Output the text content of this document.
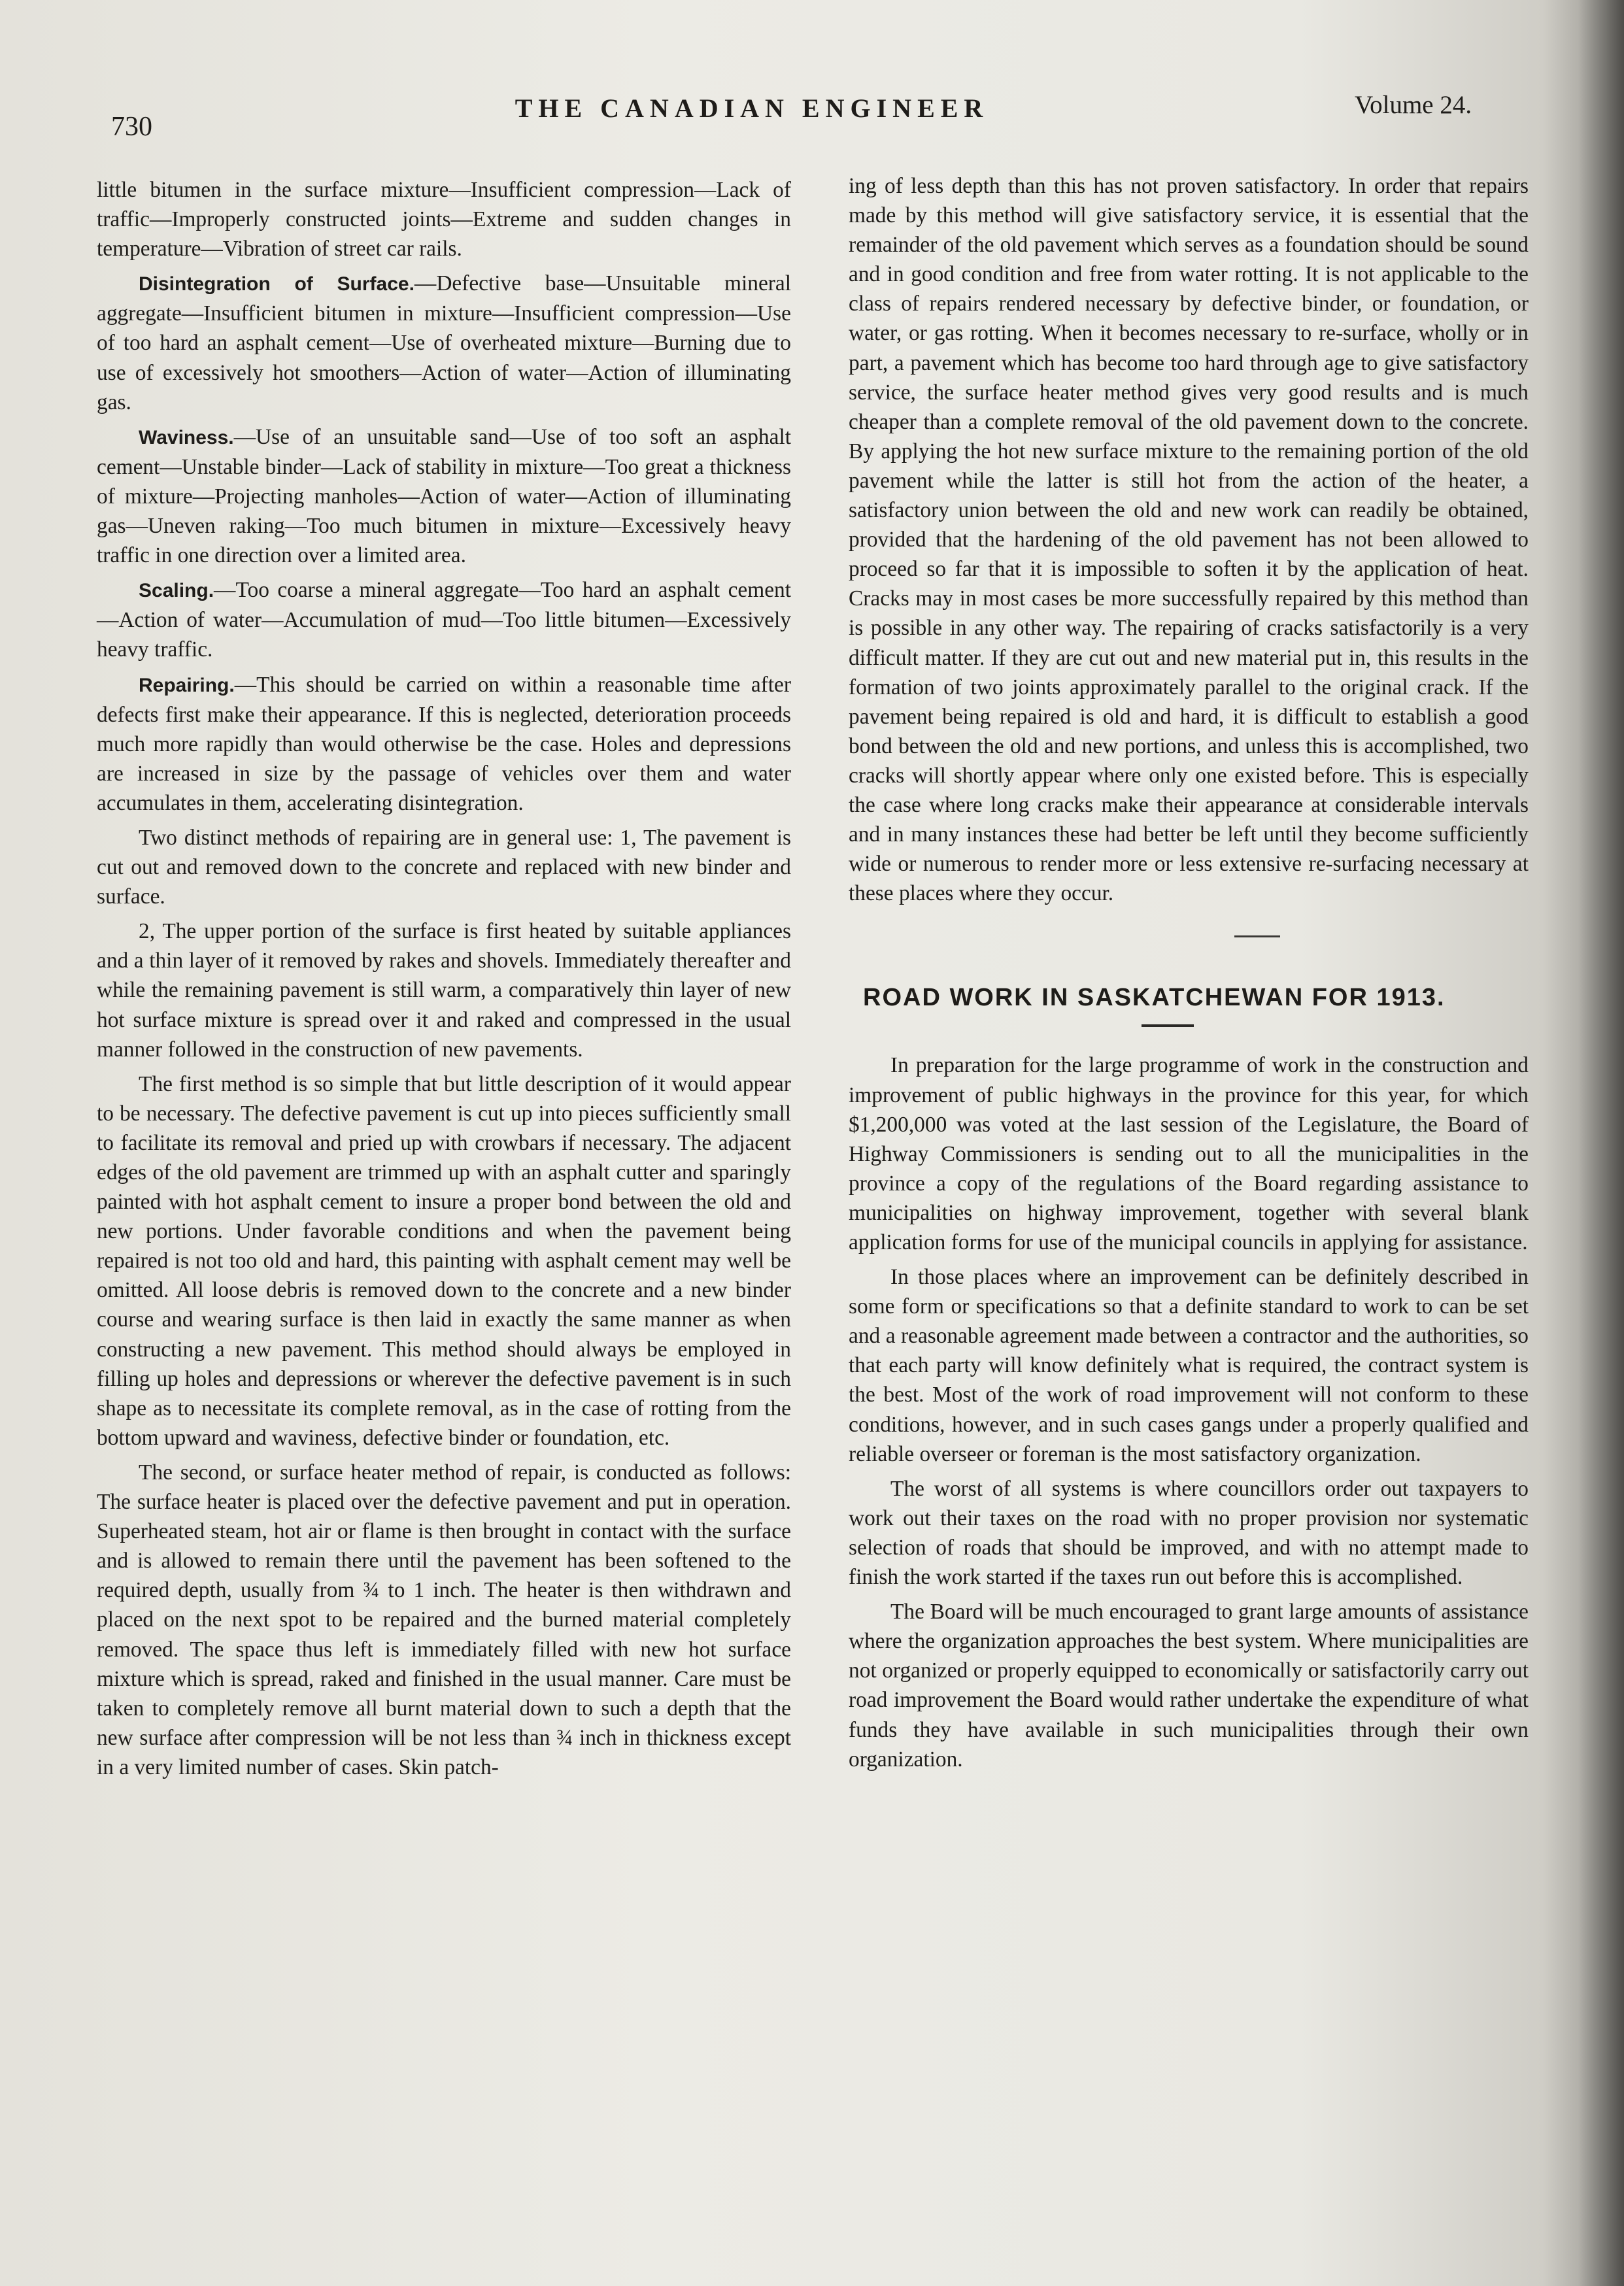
730
THE CANADIAN ENGINEER	Volume 24.

little bitumen in the surface mixture—Insufficient compression—Lack of traffic—Improperly constructed joints—Extreme and sudden changes in temperature—Vibration of street car rails.

Disintegration of Surface.—Defective base—Unsuitable mineral aggregate—Insufficient bitumen in mixture—Insufficient compression—Use of too hard an asphalt cement—Use of overheated mixture—Burning due to use of excessively hot smoothers—Action of water—Action of illuminating gas.

Waviness.—Use of an unsuitable sand—Use of too soft an asphalt cement—Unstable binder—Lack of stability in mixture—Too great a thickness of mixture—Projecting manholes—Action of water—Action of illuminating gas—Uneven raking—Too much bitumen in mixture—Excessively heavy traffic in one direction over a limited area.

Scaling.—Too coarse a mineral aggregate—Too hard an asphalt cement—Action of water—Accumulation of mud—Too little bitumen—Excessively heavy traffic.

Repairing.—This should be carried on within a reasonable time after defects first make their appearance. If this is neglected, deterioration proceeds much more rapidly than would otherwise be the case. Holes and depressions are increased in size by the passage of vehicles over them and water accumulates in them, accelerating disintegration.

Two distinct methods of repairing are in general use: 1, The pavement is cut out and removed down to the concrete and replaced with new binder and surface.

2, The upper portion of the surface is first heated by suitable appliances and a thin layer of it removed by rakes and shovels. Immediately thereafter and while the remaining pavement is still warm, a comparatively thin layer of new hot surface mixture is spread over it and raked and compressed in the usual manner followed in the construction of new pavements.

The first method is so simple that but little description of it would appear to be necessary. The defective pavement is cut up into pieces sufficiently small to facilitate its removal and pried up with crowbars if necessary. The adjacent edges of the old pavement are trimmed up with an asphalt cutter and sparingly painted with hot asphalt cement to insure a proper bond between the old and new portions. Under favorable conditions and when the pavement being repaired is not too old and hard, this painting with asphalt cement may well be omitted. All loose debris is removed down to the concrete and a new binder course and wearing surface is then laid in exactly the same manner as when constructing a new pavement. This method should always be employed in filling up holes and depressions or wherever the defective pavement is in such shape as to necessitate its complete removal, as in the case of rotting from the bottom upward and waviness, defective binder or foundation, etc.

The second, or surface heater method of repair, is conducted as follows: The surface heater is placed over the defective pavement and put in operation. Superheated steam, hot air or flame is then brought in contact with the surface and is allowed to remain there until the pavement has been softened to the required depth, usually from ¾ to 1 inch. The heater is then withdrawn and placed on the next spot to be repaired and the burned material completely removed. The space thus left is immediately filled with new hot surface mixture which is spread, raked and finished in the usual manner. Care must be taken to completely remove all burnt material down to such a depth that the new surface after compression will be not less than ¾ inch in thickness except in a very limited number of cases. Skin patch-

ing of less depth than this has not proven satisfactory. In order that repairs made by this method will give satisfactory service, it is essential that the remainder of the old pavement which serves as a foundation should be sound and in good condition and free from water rotting. It is not applicable to the class of repairs rendered necessary by defective binder, or foundation, or water, or gas rotting. When it becomes necessary to re-surface, wholly or in part, a pavement which has become too hard through age to give satisfactory service, the surface heater method gives very good results and is much cheaper than a complete removal of the old pavement down to the concrete. By applying the hot new surface mixture to the remaining portion of the old pavement while the latter is still hot from the action of the heater, a satisfactory union between the old and new work can readily be obtained, provided that the hardening of the old pavement has not been allowed to proceed so far that it is impossible to soften it by the application of heat. Cracks may in most cases be more successfully repaired by this method than is possible in any other way. The repairing of cracks satisfactorily is a very difficult matter. If they are cut out and new material put in, this results in the formation of two joints approximately parallel to the original crack. If the pavement being repaired is old and hard, it is difficult to establish a good bond between the old and new portions, and unless this is accomplished, two cracks will shortly appear where only one existed before. This is especially the case where long cracks make their appearance at considerable intervals and in many instances these had better be left until they become sufficiently wide or numerous to render more or less extensive re-surfacing necessary at these places where they occur.

ROAD WORK IN SASKATCHEWAN FOR 1913.

In preparation for the large programme of work in the construction and improvement of public highways in the province for this year, for which $1,200,000 was voted at the last session of the Legislature, the Board of Highway Commissioners is sending out to all the municipalities in the province a copy of the regulations of the Board regarding assistance to municipalities on highway improvement, together with several blank application forms for use of the municipal councils in applying for assistance.

In those places where an improvement can be definitely described in some form or specifications so that a definite standard to work to can be set and a reasonable agreement made between a contractor and the authorities, so that each party will know definitely what is required, the contract system is the best. Most of the work of road improvement will not conform to these conditions, however, and in such cases gangs under a properly qualified and reliable overseer or foreman is the most satisfactory organization.

The worst of all systems is where councillors order out taxpayers to work out their taxes on the road with no proper provision nor systematic selection of roads that should be improved, and with no attempt made to finish the work started if the taxes run out before this is accomplished.

The Board will be much encouraged to grant large amounts of assistance where the organization approaches the best system. Where municipalities are not organized or properly equipped to economically or satisfactorily carry out road improvement the Board would rather undertake the expenditure of what funds they have available in such municipalities through their own organization.
